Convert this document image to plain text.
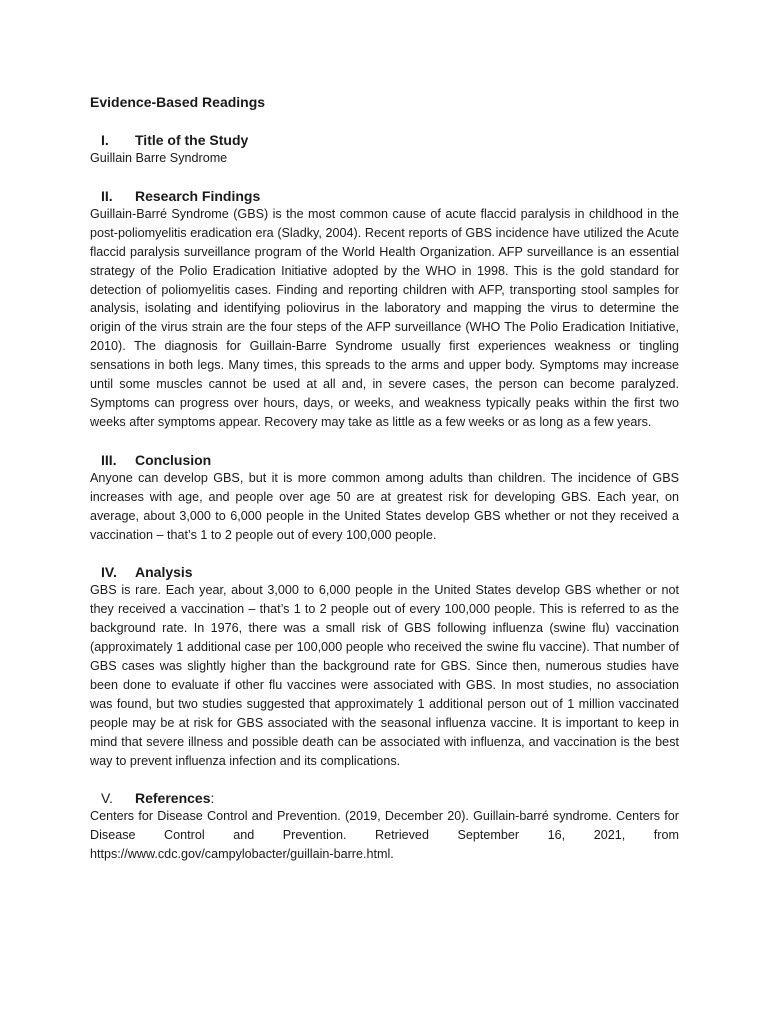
Evidence-Based Readings
I.	Title of the Study

Guillain Barre Syndrome

II.	Research Findings

Guillain-Barré Syndrome (GBS) is the most common cause of acute flaccid paralysis in childhood in the post-poliomyelitis eradication era (Sladky, 2004). Recent reports of GBS incidence have utilized the Acute flaccid paralysis surveillance program of the World Health Organization. AFP surveillance is an essential strategy of the Polio Eradication Initiative adopted by the WHO in 1998. This is the gold standard for detection of poliomyelitis cases. Finding and reporting children with AFP, transporting stool samples for analysis, isolating and identifying poliovirus in the laboratory and mapping the virus to determine the origin of the virus strain are the four steps of the AFP surveillance (WHO The Polio Eradication Initiative, 2010). The diagnosis for Guillain-Barre Syndrome usually first experiences weakness or tingling sensations in both legs. Many times, this spreads to the arms and upper body. Symptoms may increase until some muscles cannot be used at all and, in severe cases, the person can become paralyzed. Symptoms can progress over hours, days, or weeks, and weakness typically peaks within the first two weeks after symptoms appear. Recovery may take as little as a few weeks or as long as a few years.

III.	Conclusion

Anyone can develop GBS, but it is more common among adults than children. The incidence of GBS increases with age, and people over age 50 are at greatest risk for developing GBS. Each year, on average, about 3,000 to 6,000 people in the United States develop GBS whether or not they received a vaccination – that’s 1 to 2 people out of every 100,000 people.

IV.	Analysis

GBS is rare. Each year, about 3,000 to 6,000 people in the United States develop GBS whether or not they received a vaccination – that’s 1 to 2 people out of every 100,000 people. This is referred to as the background rate. In 1976, there was a small risk of GBS following influenza (swine flu) vaccination (approximately 1 additional case per 100,000 people who received the swine flu vaccine). That number of GBS cases was slightly higher than the background rate for GBS. Since then, numerous studies have been done to evaluate if other flu vaccines were associated with GBS. In most studies, no association was found, but two studies suggested that approximately 1 additional person out of 1 million vaccinated people may be at risk for GBS associated with the seasonal influenza vaccine. It is important to keep in mind that severe illness and possible death can be associated with influenza, and vaccination is the best way to prevent influenza infection and its complications.

V.	References:

Centers for Disease Control and Prevention. (2019, December 20). Guillain-barré syndrome. Centers for Disease Control and Prevention. Retrieved September 16, 2021, from https://www.cdc.gov/campylobacter/guillain-barre.html.
